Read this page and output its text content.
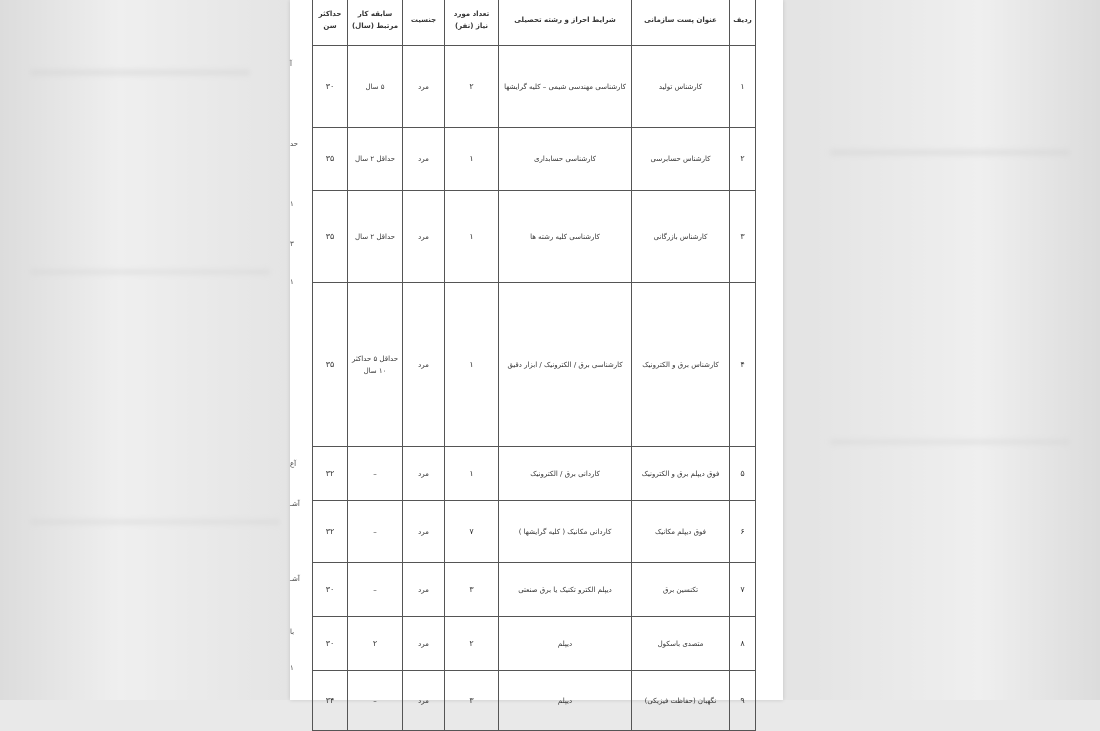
آ
حد
۱
۳
۱
آع
آشـ
آشـ
با
۱
ردیف	عنوان پست سازمانی	شرایط احراز و رشته تحصیلی	تعداد مورد نیاز (نفر)	جنسیت	سابقه کار مرتبط (سال)	حداکثر سن
۱	کارشناس تولید	کارشناسی مهندسی شیمی – کلیه گرایشها	۲	مرد	۵ سال	۳۰
۲	کارشناس حسابرسی	کارشناسی حسابداری	۱	مرد	حداقل ۲ سال	۳۵
۳	کارشناس بازرگانی	کارشناسی کلیه رشته ها	۱	مرد	حداقل ۲ سال	۳۵
۴	کارشناس برق و الکترونیک	کارشناسی برق / الکترونیک / ابزار دقیق	۱	مرد	حداقل ۵ حداکثر ۱۰ سال	۳۵
۵	فوق دیپلم برق و الکترونیک	کاردانی برق / الکترونیک	۱	مرد	–	۳۲
۶	فوق دیپلم مکانیک	کاردانی مکانیک ( کلیه گرایشها )	۷	مرد	–	۳۲
۷	تکنسین برق	دیپلم الکترو تکنیک یا برق صنعتی	۳	مرد	–	۳۰
۸	متصدی باسکول	دیپلم	۲	مرد	۲	۳۰
۹	نگهبان (حفاظت فیزیکی)	دیپلم	۳	مرد	–	۳۴
